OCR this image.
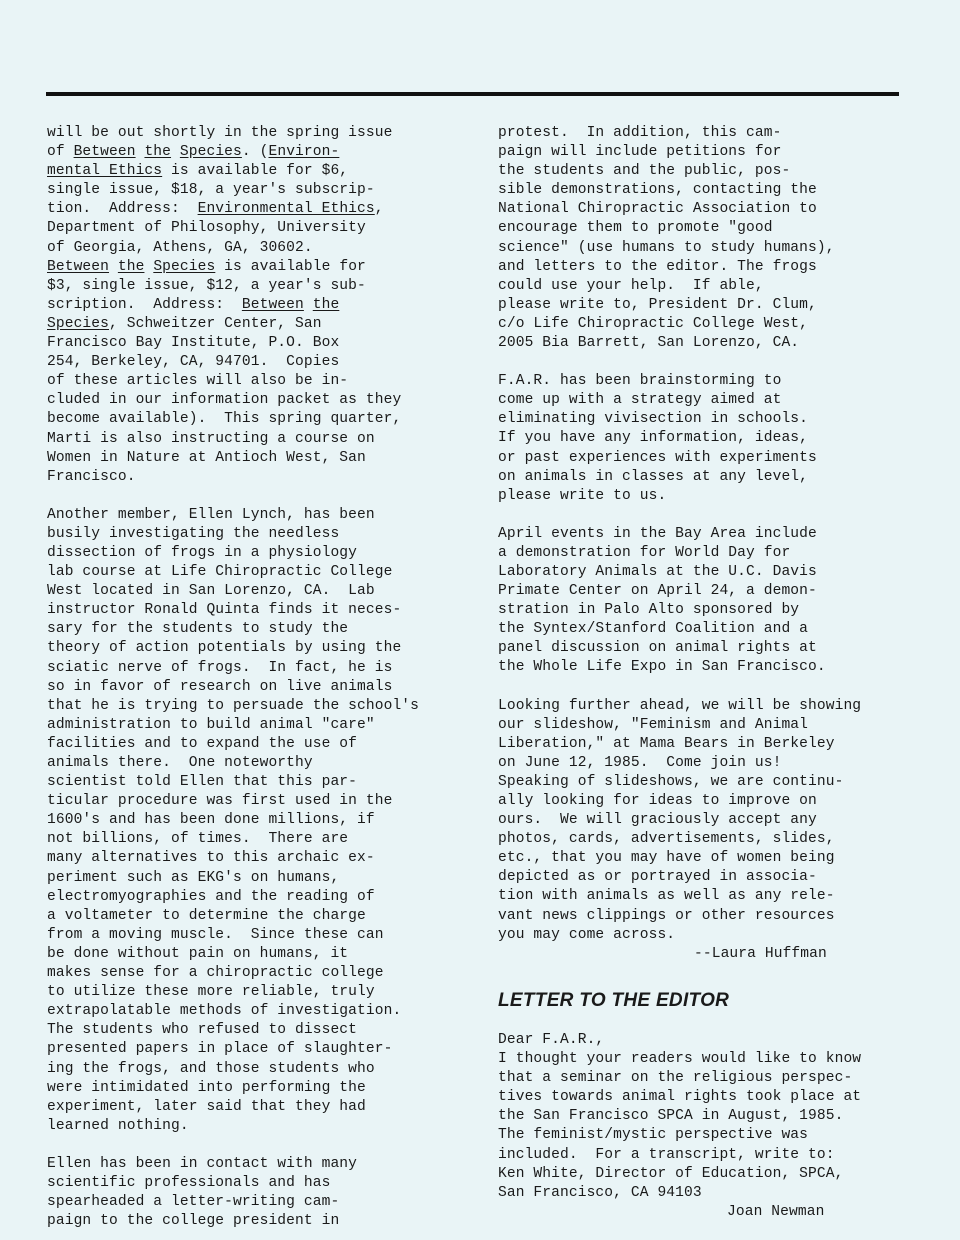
will be out shortly in the spring issue
of Between the Species. (Environ-
mental Ethics is available for $6,
single issue, $18, a year's subscrip-
tion.  Address:  Environmental Ethics,
Department of Philosophy, University
of Georgia, Athens, GA, 30602.
Between the Species is available for
$3, single issue, $12, a year's sub-
scription.  Address:  Between the
Species, Schweitzer Center, San
Francisco Bay Institute, P.O. Box
254, Berkeley, CA, 94701.  Copies
of these articles will also be in-
cluded in our information packet as they
become available).  This spring quarter,
Marti is also instructing a course on
Women in Nature at Antioch West, San
Francisco.
Another member, Ellen Lynch, has been
busily investigating the needless
dissection of frogs in a physiology
lab course at Life Chiropractic College
West located in San Lorenzo, CA.  Lab
instructor Ronald Quinta finds it neces-
sary for the students to study the
theory of action potentials by using the
sciatic nerve of frogs.  In fact, he is
so in favor of research on live animals
that he is trying to persuade the school's
administration to build animal "care"
facilities and to expand the use of
animals there.  One noteworthy
scientist told Ellen that this par-
ticular procedure was first used in the
1600's and has been done millions, if
not billions, of times.  There are
many alternatives to this archaic ex-
periment such as EKG's on humans,
electromyographies and the reading of
a voltameter to determine the charge
from a moving muscle.  Since these can
be done without pain on humans, it
makes sense for a chiropractic college
to utilize these more reliable, truly
extrapolatable methods of investigation.
The students who refused to dissect
presented papers in place of slaughter-
ing the frogs, and those students who
were intimidated into performing the
experiment, later said that they had
learned nothing.
Ellen has been in contact with many
scientific professionals and has
spearheaded a letter-writing cam-
paign to the college president in
protest.  In addition, this cam-
paign will include petitions for
the students and the public, pos-
sible demonstrations, contacting the
National Chiropractic Association to
encourage them to promote "good
science" (use humans to study humans),
and letters to the editor. The frogs
could use your help.  If able,
please write to, President Dr. Clum,
c/o Life Chiropractic College West,
2005 Bia Barrett, San Lorenzo, CA.
F.A.R. has been brainstorming to
come up with a strategy aimed at
eliminating vivisection in schools.
If you have any information, ideas,
or past experiences with experiments
on animals in classes at any level,
please write to us.
April events in the Bay Area include
a demonstration for World Day for
Laboratory Animals at the U.C. Davis
Primate Center on April 24, a demon-
stration in Palo Alto sponsored by
the Syntex/Stanford Coalition and a
panel discussion on animal rights at
the Whole Life Expo in San Francisco.
Looking further ahead, we will be showing
our slideshow, "Feminism and Animal
Liberation," at Mama Bears in Berkeley
on June 12, 1985.  Come join us!
Speaking of slideshows, we are continu-
ally looking for ideas to improve on
ours.  We will graciously accept any
photos, cards, advertisements, slides,
etc., that you may have of women being
depicted as or portrayed in associa-
tion with animals as well as any rele-
vant news clippings or other resources
you may come across.
--Laura Huffman
LETTER TO THE EDITOR
Dear F.A.R.,
I thought your readers would like to know
that a seminar on the religious perspec-
tives towards animal rights took place at
the San Francisco SPCA in August, 1985.
The feminist/mystic perspective was
included.  For a transcript, write to:
Ken White, Director of Education, SPCA,
San Francisco, CA 94103
Joan Newman
